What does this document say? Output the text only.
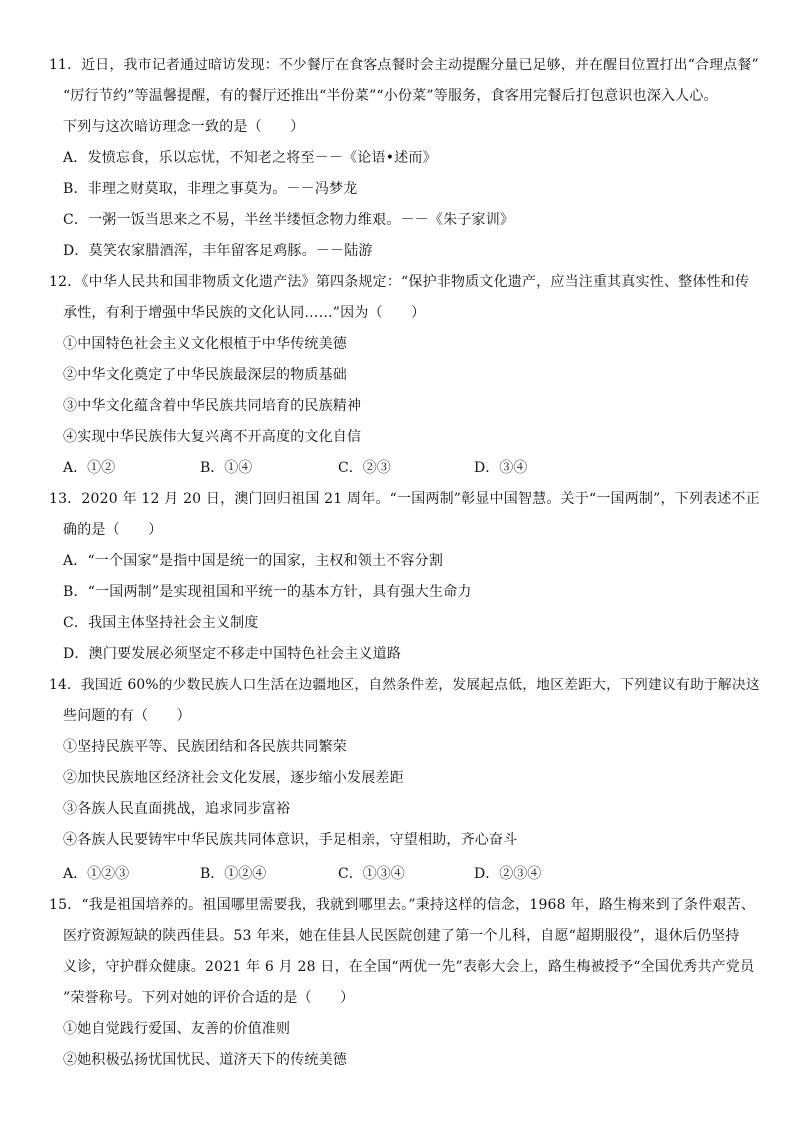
11．近日，我市记者通过暗访发现：不少餐厅在食客点餐时会主动提醒分量已足够，并在醒目位置打出“合理点餐”
“厉行节约”等温馨提醒，有的餐厅还推出“半份菜”“小份菜”等服务，食客用完餐后打包意识也深入人心。
下列与这次暗访理念一致的是（　　）
A．发愤忘食，乐以忘忧，不知老之将至－－《论语•述而》
B．非理之财莫取，非理之事莫为。－－冯梦龙
C．一粥一饭当思来之不易，半丝半缕恒念物力维艰。－－《朱子家训》
D．莫笑农家腊酒浑，丰年留客足鸡豚。－－陆游
12．《中华人民共和国非物质文化遗产法》第四条规定：“保护非物质文化遗产，应当注重其真实性、整体性和传
承性，有利于增强中华民族的文化认同……”因为（　　）
①中国特色社会主义文化根植于中华传统美德
②中华文化奠定了中华民族最深层的物质基础
③中华文化蕴含着中华民族共同培育的民族精神
④实现中华民族伟大复兴离不开高度的文化自信
A．①②	B．①④	C．②③	D．③④
13．2020 年 12 月 20 日，澳门回归祖国 21 周年。“一国两制”彰显中国智慧。关于“一国两制”，下列表述不正
确的是（　　）
A．“一个国家”是指中国是统一的国家，主权和领土不容分割
B．“一国两制”是实现祖国和平统一的基本方针，具有强大生命力
C．我国主体坚持社会主义制度
D．澳门要发展必须坚定不移走中国特色社会主义道路
14．我国近 60%的少数民族人口生活在边疆地区，自然条件差，发展起点低，地区差距大，下列建议有助于解决这
些问题的有（　　）
①坚持民族平等、民族团结和各民族共同繁荣
②加快民族地区经济社会文化发展，逐步缩小发展差距
③各族人民直面挑战，追求同步富裕
④各族人民要铸牢中华民族共同体意识，手足相亲，守望相助，齐心奋斗
A．①②③	B．①②④	C．①③④	D．②③④
15．“我是祖国培养的。祖国哪里需要我，我就到哪里去。”秉持这样的信念，1968 年，路生梅来到了条件艰苦、
医疗资源短缺的陕西佳县。53 年来，她在佳县人民医院创建了第一个儿科，自愿“超期服役”，退休后仍坚持
义诊，守护群众健康。2021 年 6 月 28 日，在全国“两优一先”表彰大会上，路生梅被授予“全国优秀共产党员
”荣誉称号。下列对她的评价合适的是（　　）
①她自觉践行爱国、友善的价值准则
②她积极弘扬忧国忧民、道济天下的传统美德
